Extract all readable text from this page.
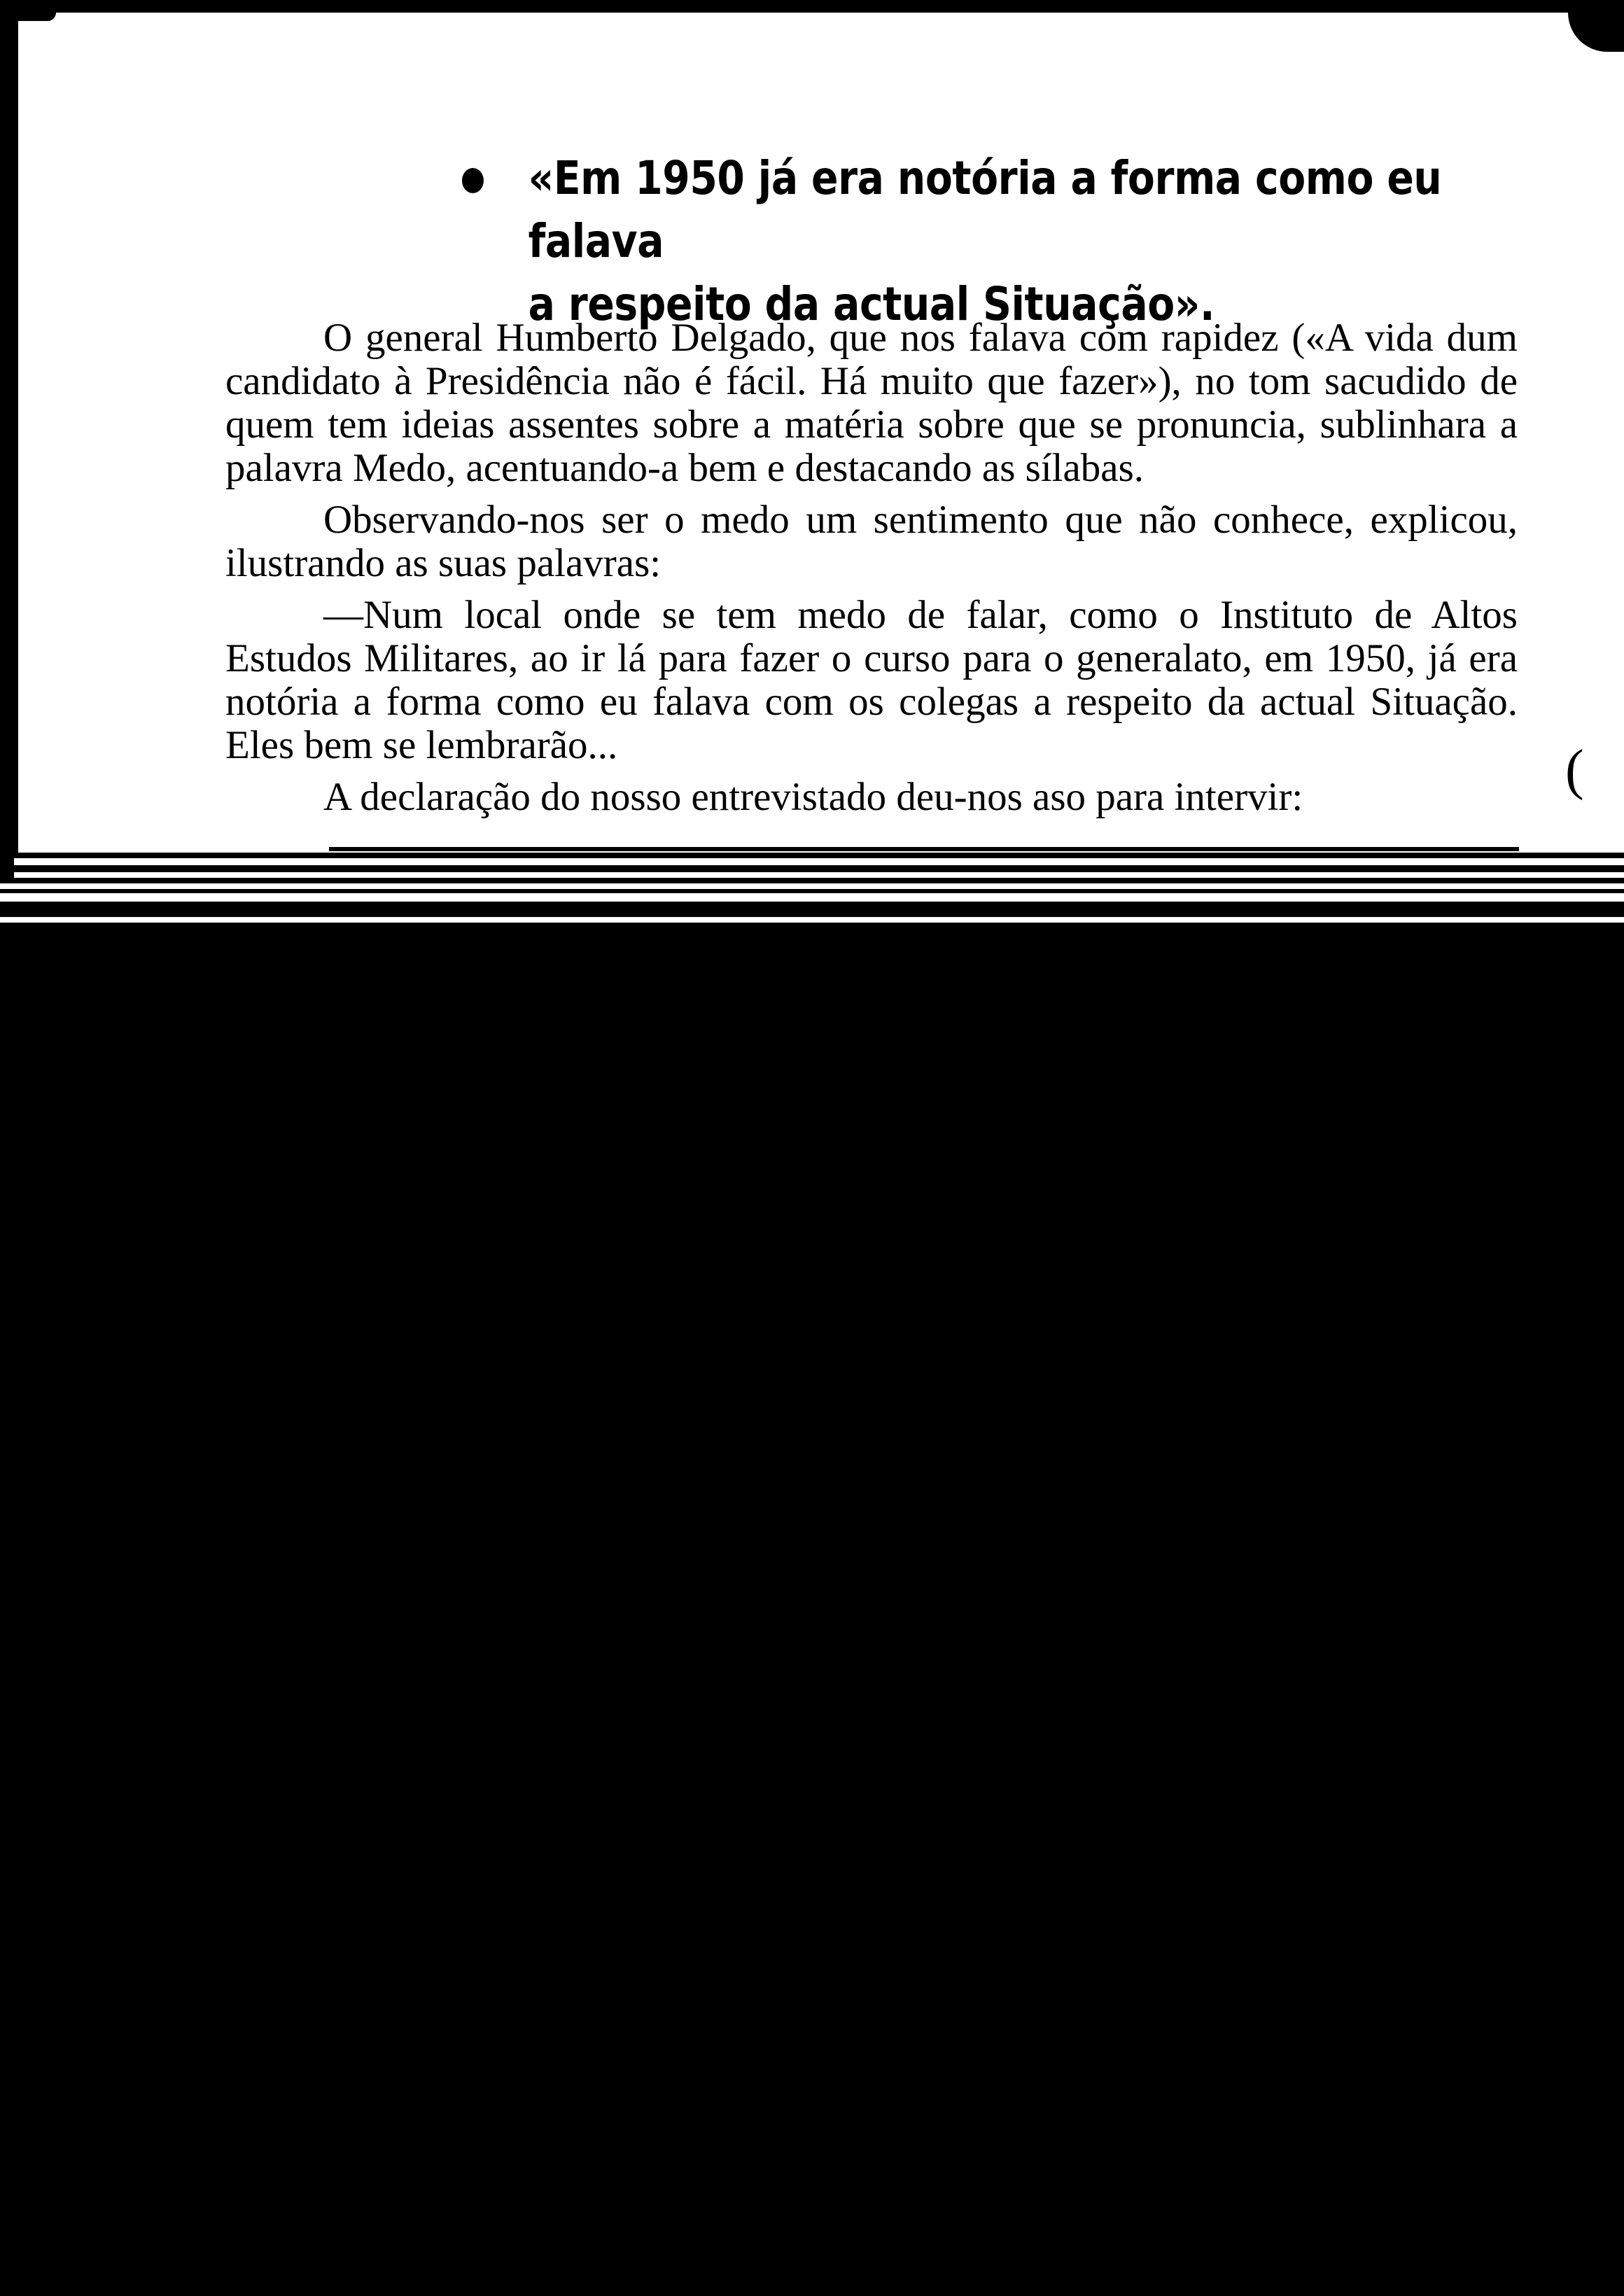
«Em 1950 já era notória a forma como eu falava
a respeito da actual Situação».

O general Humberto Delgado, que nos falava com rapidez («A vida dum candidato à Presidência não é fácil. Há muito que fazer»), no tom sacudido de quem tem ideias assentes sobre a matéria sobre que se pronuncia, sublinhara a palavra Medo, acentuando-a bem e destacando as sílabas.

Observando-nos ser o medo um sentimento que não conhece, explicou, ilustrando as suas palavras:

—Num local onde se tem medo de falar, como o Instituto de Altos Estudos Militares, ao ir lá para fazer o curso para o generalato, em 1950, já era notória a forma como eu falava com os colegas a respeito da actual Situação. Eles bem se lembrarão...

A declaração do nosso entrevistado deu-nos aso para intervir:	(
